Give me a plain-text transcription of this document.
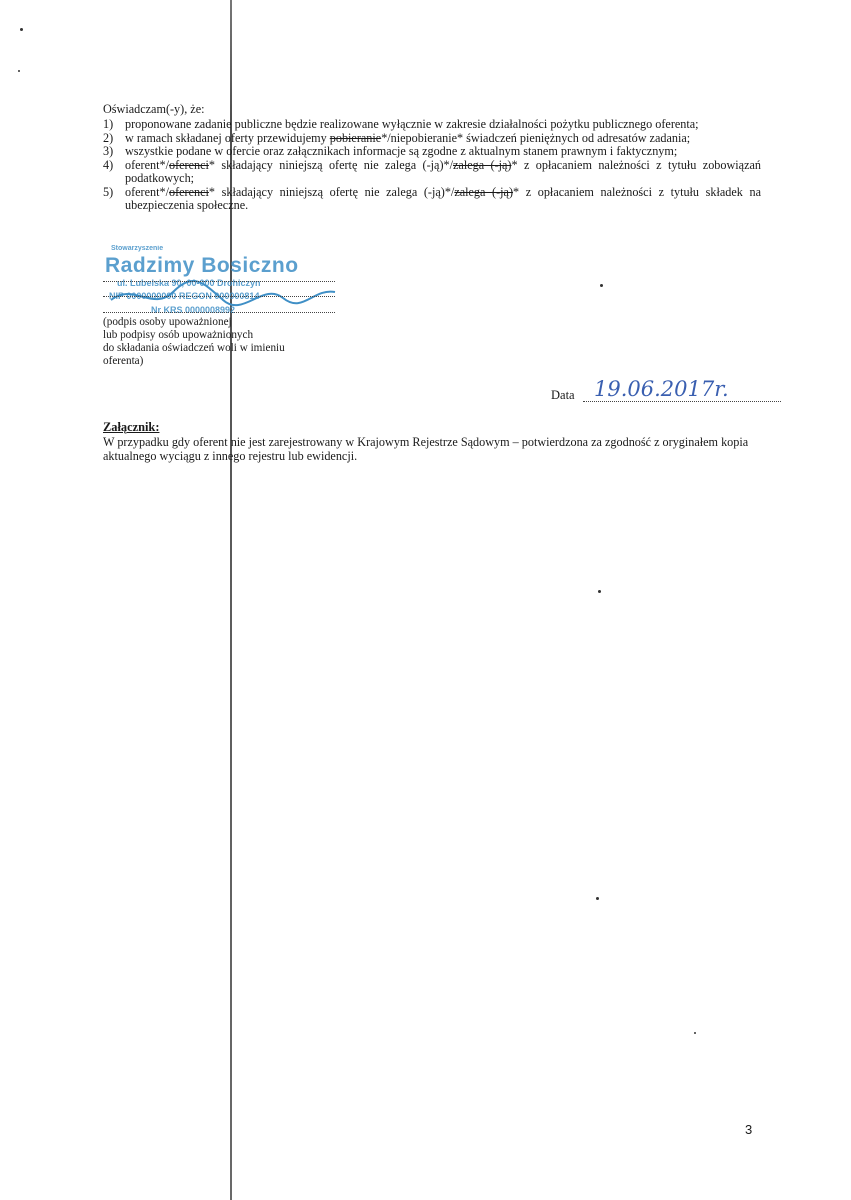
Oświadczam(-y), że:
1) proponowane zadanie publiczne będzie realizowane wyłącznie w zakresie działalności pożytku publicznego oferenta;
2) w ramach składanej oferty przewidujemy pobieranie*/niepobieranie* świadczeń pieniężnych od adresatów zadania;
3) wszystkie podane w ofercie oraz załącznikach informacje są zgodne z aktualnym stanem prawnym i faktycznym;
4) oferent*/oferenci* składający niniejszą ofertę nie zalega (-ją)*/zalega (-ją)* z opłacaniem należności z tytułu zobowiązań podatkowych;
5) oferent*/oferenci* składający niniejszą ofertę nie zalega (-ją)*/zalega (-ją)* z opłacaniem należności z tytułu składek na ubezpieczenia społeczne.
Stowarzyszenie
Radzimy Bosiczno
ul. Lubelska 90, 00-000 Drohiczyn
NIP 0000000000 REGON 000000814
Nr KRS 0000008992
(podpis osoby upoważnionej
lub podpisy osób upoważnionych
do składania oświadczeń woli w imieniu
oferenta)
Data 19.06.2017r.
Załącznik:
W przypadku gdy oferent nie jest zarejestrowany w Krajowym Rejestrze Sądowym – potwierdzona za zgodność z oryginałem kopia aktualnego wyciągu z innego rejestru lub ewidencji.
3
